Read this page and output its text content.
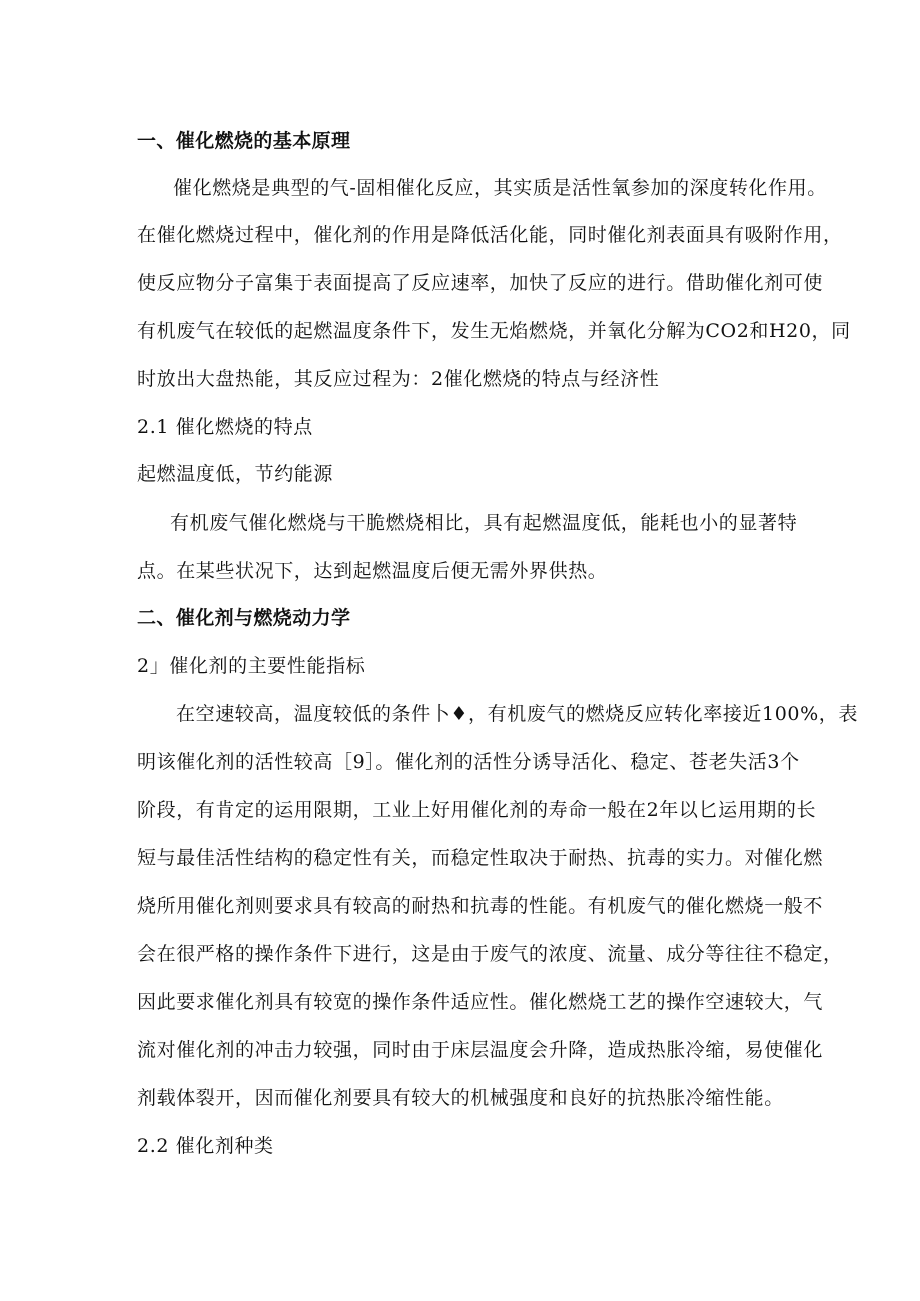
一、催化燃烧的基本原理
催化燃烧是典型的气-固相催化反应，其实质是活性氧参加的深度转化作用。
在催化燃烧过程中，催化剂的作用是降低活化能，同时催化剂表面具有吸附作用，
使反应物分子富集于表面提高了反应速率，加快了反应的进行。借助催化剂可使
有机废气在较低的起燃温度条件下，发生无焰燃烧，并氧化分解为CO2和H20，同
时放出大盘热能，其反应过程为：2催化燃烧的特点与经济性
2.1 催化燃烧的特点
起燃温度低，节约能源
有机废气催化燃烧与干脆燃烧相比，具有起燃温度低，能耗也小的显著特
点。在某些状况下，达到起燃温度后便无需外界供热。
二、催化剂与燃烧动力学
2」催化剂的主要性能指标
在空速较高，温度较低的条件卜♦，有机废气的燃烧反应转化率接近100%，表
明该催化剂的活性较高［9］。催化剂的活性分诱导活化、稳定、苍老失活3个
阶段，有肯定的运用限期，工业上好用催化剂的寿命一般在2年以匕运用期的长
短与最佳活性结构的稳定性有关，而稳定性取决于耐热、抗毒的实力。对催化燃
烧所用催化剂则要求具有较高的耐热和抗毒的性能。有机废气的催化燃烧一般不
会在很严格的操作条件下进行，这是由于废气的浓度、流量、成分等往往不稳定，
因此要求催化剂具有较宽的操作条件适应性。催化燃烧工艺的操作空速较大，气
流对催化剂的冲击力较强，同时由于床层温度会升降，造成热胀冷缩，易使催化
剂载体裂开，因而催化剂要具有较大的机械强度和良好的抗热胀冷缩性能。
2.2 催化剂种类
